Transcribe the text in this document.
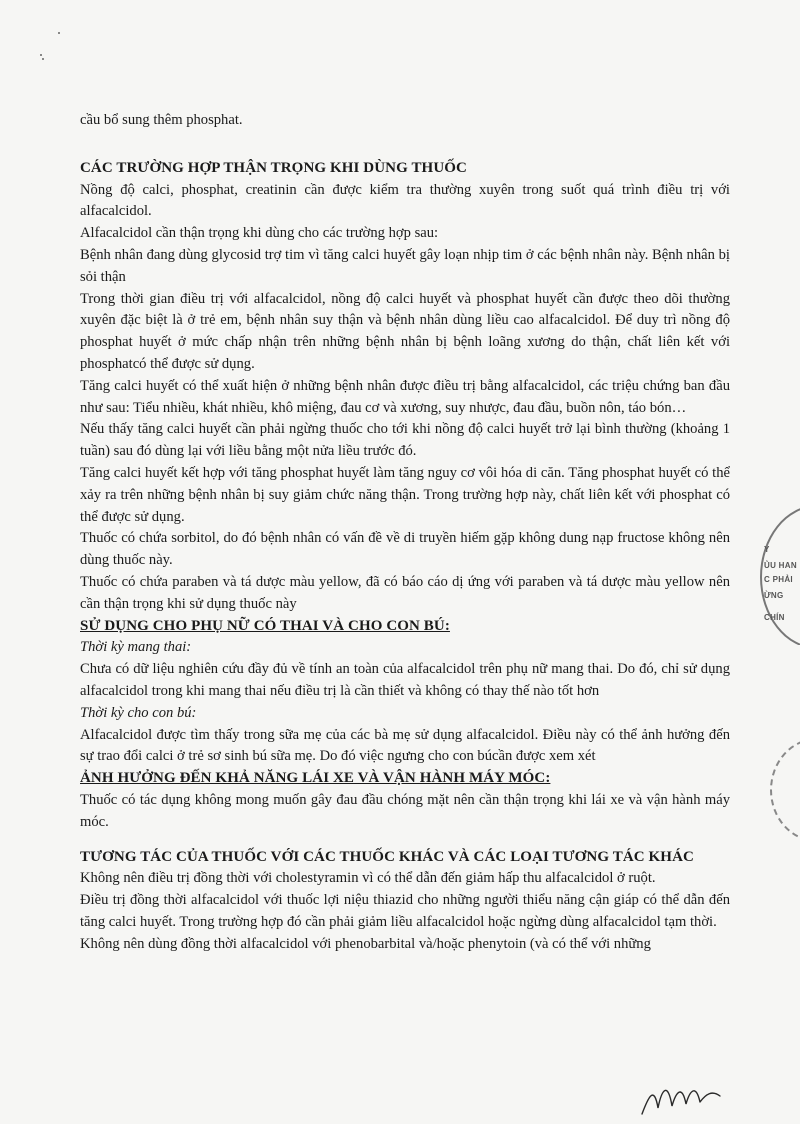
cầu bổ sung thêm phosphat.

CÁC TRƯỜNG HỢP THẬN TRỌNG KHI DÙNG THUỐC

Nồng độ calci, phosphat, creatinin cần được kiểm tra thường xuyên trong suốt quá trình điều trị với alfacalcidol.

Alfacalcidol cần thận trọng khi dùng cho các trường hợp sau:

Bệnh nhân đang dùng glycosid trợ tim vì tăng calci huyết gây loạn nhịp tim ở các bệnh nhân này. Bệnh nhân bị sỏi thận

Trong thời gian điều trị với alfacalcidol, nồng độ calci huyết và phosphat huyết cần được theo dõi thường xuyên đặc biệt là ở trẻ em, bệnh nhân suy thận và bệnh nhân dùng liều cao alfacalcidol. Để duy trì nồng độ phosphat huyết ở mức chấp nhận trên những bệnh nhân bị bệnh loãng xương do thận, chất liên kết với phosphatcó thể được sử dụng.

Tăng calci huyết có thể xuất hiện ở những bệnh nhân được điều trị bằng alfacalcidol, các triệu chứng ban đầu như sau: Tiểu nhiều, khát nhiều, khô miệng, đau cơ và xương, suy nhược, đau đầu, buồn nôn, táo bón…

Nếu thấy tăng calci huyết cần phải ngừng thuốc cho tới khi nồng độ calci huyết trở lại bình thường (khoảng 1 tuần) sau đó dùng lại với liều bằng một nửa liều trước đó.

Tăng calci huyết kết hợp với tăng phosphat huyết làm tăng nguy cơ vôi hóa di căn. Tăng phosphat huyết có thể xảy ra trên những bệnh nhân bị suy giảm chức năng thận. Trong trường hợp này, chất liên kết với phosphat có thể được sử dụng.

Thuốc có chứa sorbitol, do đó bệnh nhân có vấn đề về di truyền hiếm gặp không dung nạp fructose không nên dùng thuốc này.

Thuốc có chứa paraben và tá dược màu yellow, đã có báo cáo dị ứng với paraben và tá dược màu yellow nên cần thận trọng khi sử dụng thuốc này

SỬ DỤNG CHO PHỤ NỮ CÓ THAI VÀ CHO CON BÚ:

Thời kỳ mang thai:

Chưa có dữ liệu nghiên cứu đầy đủ về tính an toàn của alfacalcidol trên phụ nữ mang thai. Do đó, chỉ sử dụng alfacalcidol trong khi mang thai nếu điều trị là cần thiết và không có thay thế nào tốt hơn

Thời kỳ cho con bú:

Alfacalcidol được tìm thấy trong sữa mẹ của các bà mẹ sử dụng alfacalcidol. Điều này có thể ảnh hưởng đến sự trao đổi calci ở trẻ sơ sinh bú sữa mẹ. Do đó việc ngưng cho con búcần được xem xét

ẢNH HƯỞNG ĐẾN KHẢ NĂNG LÁI XE VÀ VẬN HÀNH MÁY MÓC:

Thuốc có tác dụng không mong muốn gây đau đầu chóng mặt nên cần thận trọng khi lái xe và vận hành máy móc.

TƯƠNG TÁC CỦA THUỐC VỚI CÁC THUỐC KHÁC VÀ CÁC LOẠI TƯƠNG TÁC KHÁC

Không nên điều trị đồng thời với cholestyramin vì có thể dẫn đến giảm hấp thu alfacalcidol ở ruột.

Điều trị đồng thời alfacalcidol với thuốc lợi niệu thiazid cho những người thiểu năng cận giáp có thể dẫn đến tăng calci huyết. Trong trường hợp đó cần phải giảm liều alfacalcidol hoặc ngừng dùng alfacalcidol tạm thời.

Không nên dùng đồng thời alfacalcidol với phenobarbital và/hoặc phenytoin (và có thể với những

Y
ỦU HAN
C PHẢI
ỪNG
CHÍN
